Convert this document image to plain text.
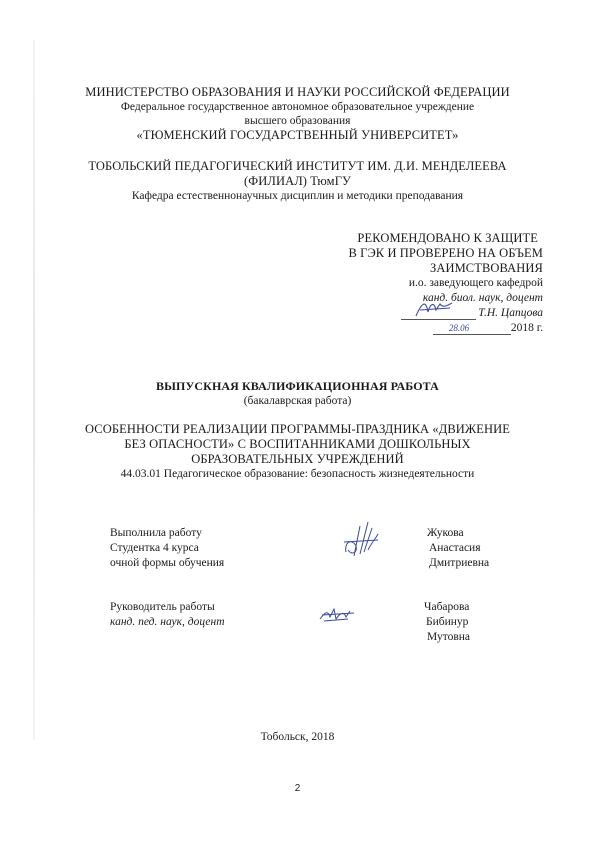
МИНИСТЕРСТВО ОБРАЗОВАНИЯ И НАУКИ РОССИЙСКОЙ ФЕДЕРАЦИИ
Федеральное государственное автономное образовательное учреждение
высшего образования
«ТЮМЕНСКИЙ ГОСУДАРСТВЕННЫЙ УНИВЕРСИТЕТ»
ТОБОЛЬСКИЙ ПЕДАГОГИЧЕСКИЙ ИНСТИТУТ ИМ. Д.И. МЕНДЕЛЕЕВА
(ФИЛИАЛ) ТюмГУ
Кафедра естественнонаучных дисциплин и методики преподавания
РЕКОМЕНДОВАНО К ЗАЩИТЕ
В ГЭК И ПРОВЕРЕНО НА ОБЪЕМ
ЗАИМСТВОВАНИЯ
и.о. заведующего кафедрой
канд. биол. наук, доцент
Т.Н. Цапцова
28.06	2018 г.
ВЫПУСКНАЯ КВАЛИФИКАЦИОННАЯ РАБОТА
(бакалаврская работа)
ОСОБЕННОСТИ РЕАЛИЗАЦИИ ПРОГРАММЫ-ПРАЗДНИКА «ДВИЖЕНИЕ
БЕЗ ОПАСНОСТИ» С ВОСПИТАННИКАМИ ДОШКОЛЬНЫХ
ОБРАЗОВАТЕЛЬНЫХ УЧРЕЖДЕНИЙ
44.03.01 Педагогическое образование: безопасность жизнедеятельности
Выполнила работу
Студентка 4 курса
очной формы обучения
Жукова
Анастасия
Дмитриевна
Руководитель работы
канд. пед. наук, доцент
Чабарова
Бибинур
Мутовна
Тобольск, 2018
2
